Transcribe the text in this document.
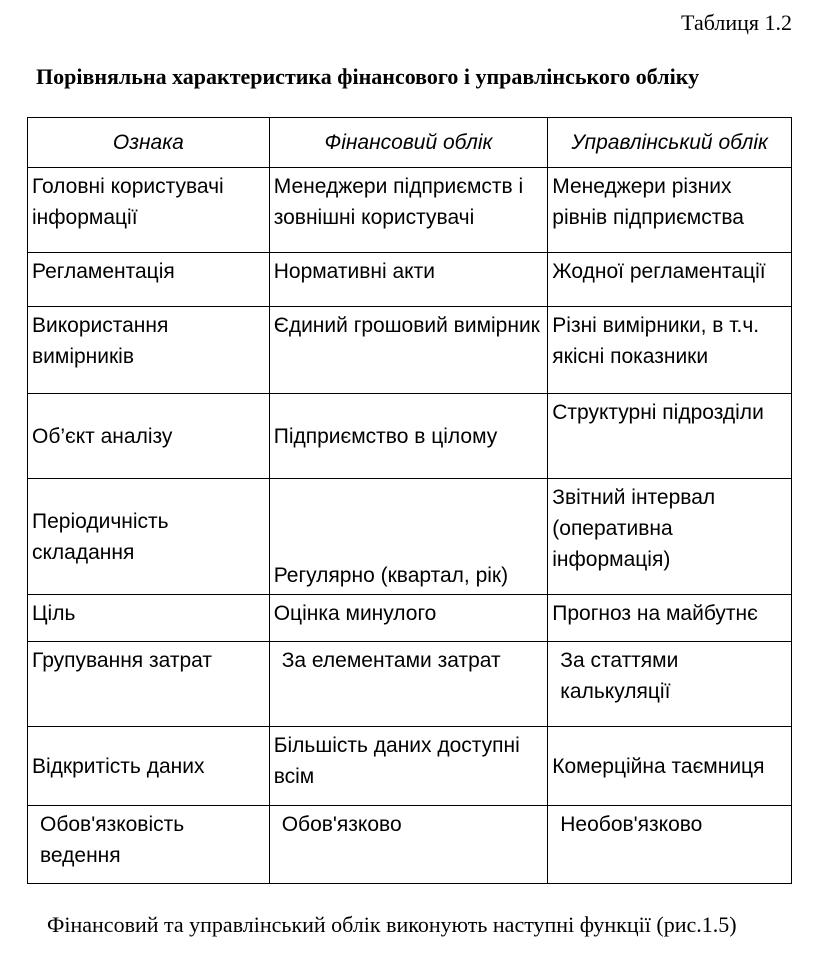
Таблиця 1.2
Порівняльна характеристика фінансового і управлінського обліку
Ознака	Фінансовий облік	Управлінський облік
Головні користувачі інформації	Менеджери підприємств і зовнішні користувачі	Менеджери різних рівнів підприємства
Регламентація	Нормативні акти	Жодної регламентації
Використання вимірників	Єдиний грошовий вимірник	Різні вимірники, в т.ч. якісні показники
Об’єкт аналізу	Підприємство в цілому	Структурні підрозділи
Періодичність складання	Регулярно (квартал, рік)	Звітний інтервал (оперативна інформація)
Ціль	Оцінка минулого	Прогноз на майбутнє
Групування затрат	За елементами затрат	За статтями калькуляції
Відкритість даних	Більшість даних доступні всім	Комерційна таємниця
Обов'язковість ведення	Обов'язково	Необов'язково

Фінансовий та управлінський облік виконують наступні функції (рис.1.5)
